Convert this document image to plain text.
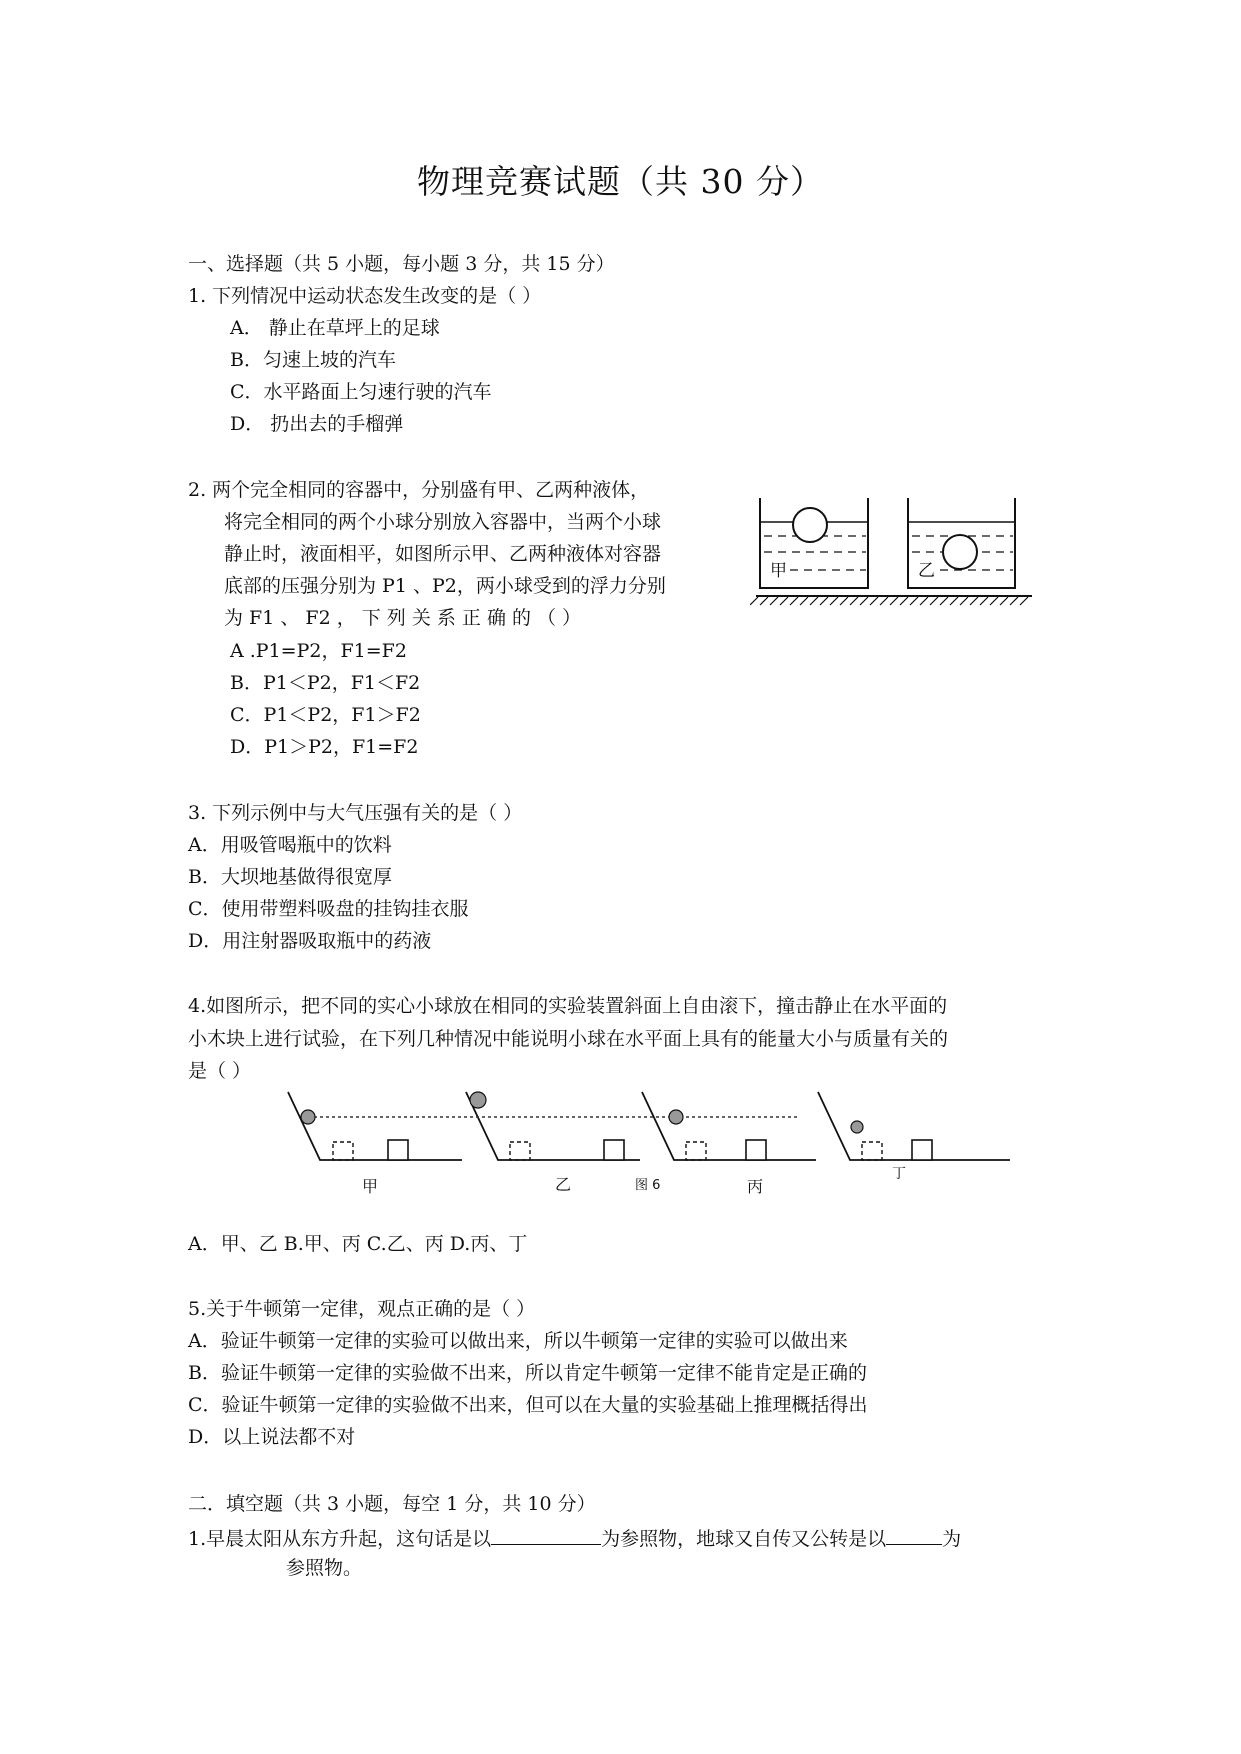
物理竞赛试题（共 30 分）
一、选择题（共 5 小题，每小题 3 分，共 15 分）
1. 下列情况中运动状态发生改变的是（ ）
A． 静止在草坪上的足球
B．匀速上坡的汽车
C．水平路面上匀速行驶的汽车
D． 扔出去的手榴弹
2. 两个完全相同的容器中，分别盛有甲、乙两种液体，
将完全相同的两个小球分别放入容器中，当两个小球
静止时，液面相平，如图所示甲、乙两种液体对容器
底部的压强分别为 P1 、P2，两小球受到的浮力分别
为 F1 、 F2 ， 下 列 关 系 正 确 的 （ ）
A .P1=P2，F1=F2
B．P1＜P2，F1＜F2
C．P1＜P2，F1＞F2
D．P1＞P2，F1=F2
甲	乙
3. 下列示例中与大气压强有关的是（ ）
A．用吸管喝瓶中的饮料
B．大坝地基做得很宽厚
C．使用带塑料吸盘的挂钩挂衣服
D．用注射器吸取瓶中的药液
4.如图所示，把不同的实心小球放在相同的实验装置斜面上自由滚下，撞击静止在水平面的
小木块上进行试验，在下列几种情况中能说明小球在水平面上具有的能量大小与质量有关的
是（ ）
甲	乙	图 6	丙
丁
A．甲、乙 B.甲、丙 C.乙、丙 D.丙、丁
5.关于牛顿第一定律，观点正确的是（ ）
A．验证牛顿第一定律的实验可以做出来，所以牛顿第一定律的实验可以做出来
B．验证牛顿第一定律的实验做不出来，所以肯定牛顿第一定律不能肯定是正确的
C．验证牛顿第一定律的实验做不出来，但可以在大量的实验基础上推理概括得出
D．以上说法都不对
二．填空题（共 3 小题，每空 1 分，共 10 分）
1.早晨太阳从东方升起，这句话是以	为参照物，地球又自传又公转是以	为
参照物。
